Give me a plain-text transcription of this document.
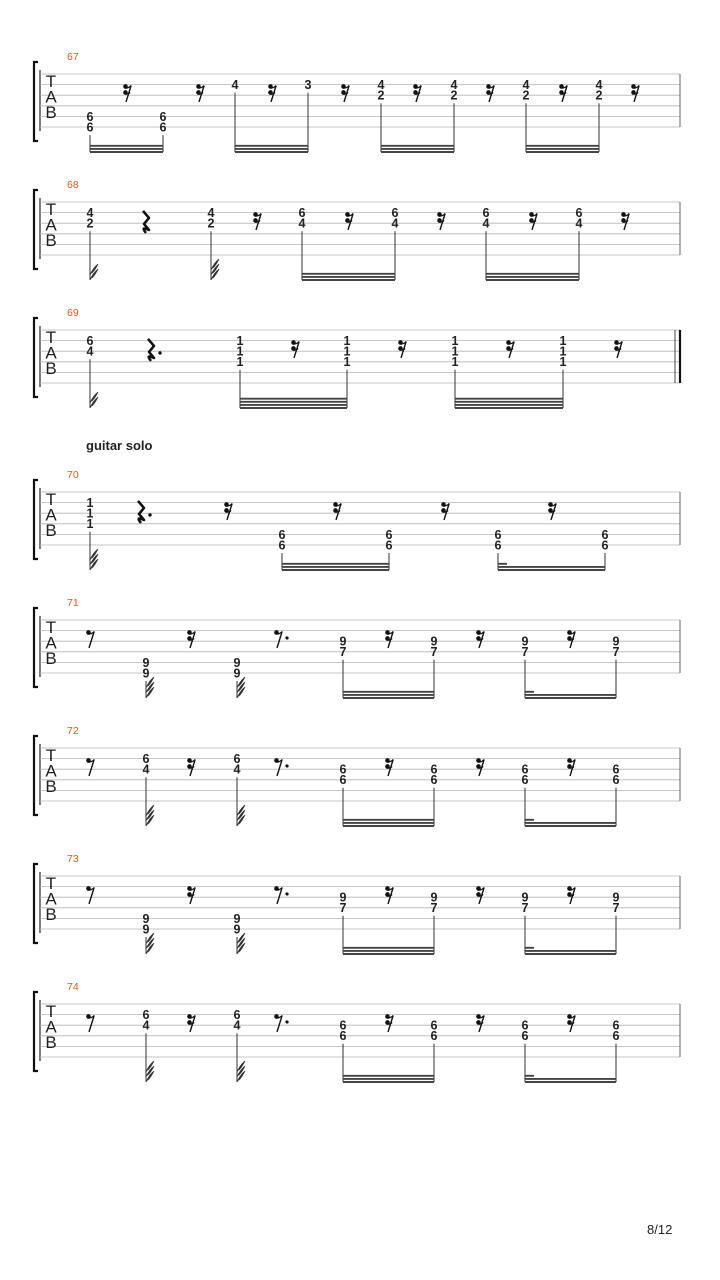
guitar solo
T
A
B
67
6
6
6
6
4	3	4
2
4
2
4
2
4
2
T
A
B
68
4
2
4
2
6
4
6
4
6
4
6
4
T
A
B
69
6
4
1
1
1
1
1
1
1
1
1
1
1
1
T
A
B
70
1
1
1
6
6
6
6
6
6
6
6
T
A
B
71
9
9
9
9
9
7
9
7
9
7
9
7
T
A
B
72
6
4
6
4	6
6
6
6
6
6
6
6
T
A
B
73
9
9
9
9
9
7
9
7
9
7
9
7
T
A
B
74
6
4
6
4	6
6
6
6
6
6
6
6
8/12
